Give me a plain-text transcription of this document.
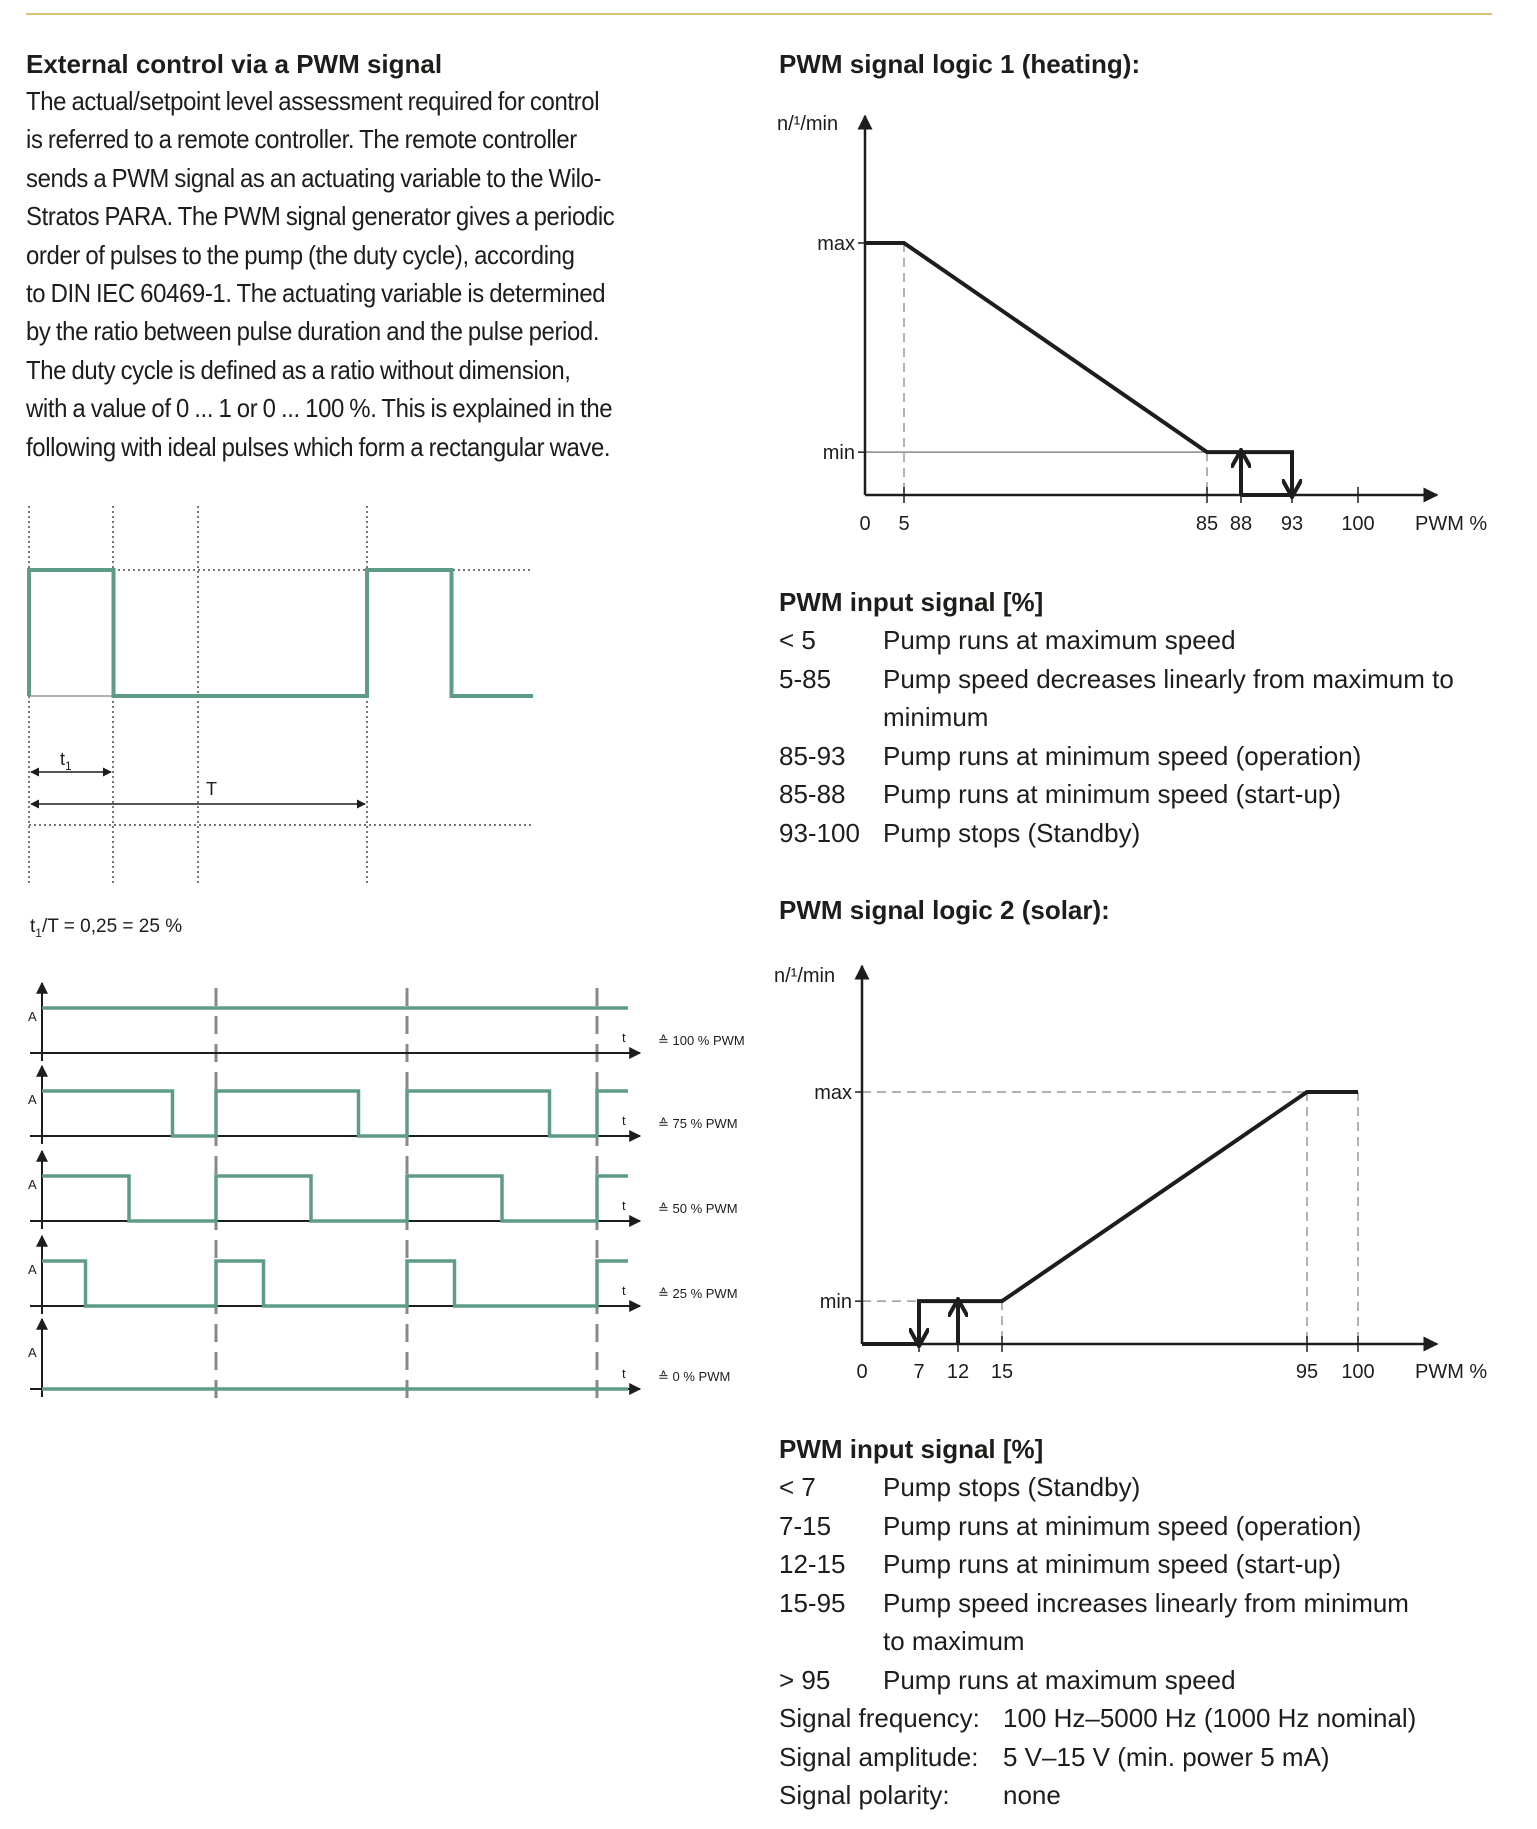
External control via a PWM signal
The actual/setpoint level assessment required for control
is referred to a remote controller. The remote controller
sends a PWM signal as an actuating variable to the Wilo-
Stratos PARA. The PWM signal generator gives a periodic
order of pulses to the pump (the duty cycle), according
to DIN IEC 60469-1. The actuating variable is determined
by the ratio between pulse duration and the pulse period.
The duty cycle is defined as a ratio without dimension,
with a value of 0 ... 1 or 0 ... 100 %. This is explained in the
following with ideal pulses which form a rectangular wave.
PWM signal logic 1 (heating):
PWM input signal [%]
< 5	Pump runs at maximum speed
5-85	Pump speed decreases linearly from maximum to
minimum
85-93	Pump runs at minimum speed (operation)
85-88	Pump runs at minimum speed (start-up)
93-100 Pump stops (Standby)
PWM signal logic 2 (solar):
PWM input signal [%]
< 7	Pump stops (Standby)
7-15	Pump runs at minimum speed (operation)
12-15	Pump runs at minimum speed (start-up)
15-95	Pump speed increases linearly from minimum
to maximum
> 95	Pump runs at maximum speed
Signal frequency: 100 Hz–5000 Hz (1000 Hz nominal)
Signal amplitude: 5 V–15 V (min. power 5 mA)
Signal polarity:	none
$t_1$
T
$t_1/T = 0,25 = 25$ %
A
t ≙ 100 % PWM
A
t ≙ 75 % PWM
A
t ≙ 50 % PWM
A
t ≙ 25 % PWM
A
t ≙ 0 % PWM
n/¹/min
PWM %
max
min
0 5	85 88 93 100
n/¹/min
PWM %
max
min
0 7 12 15	95 100
